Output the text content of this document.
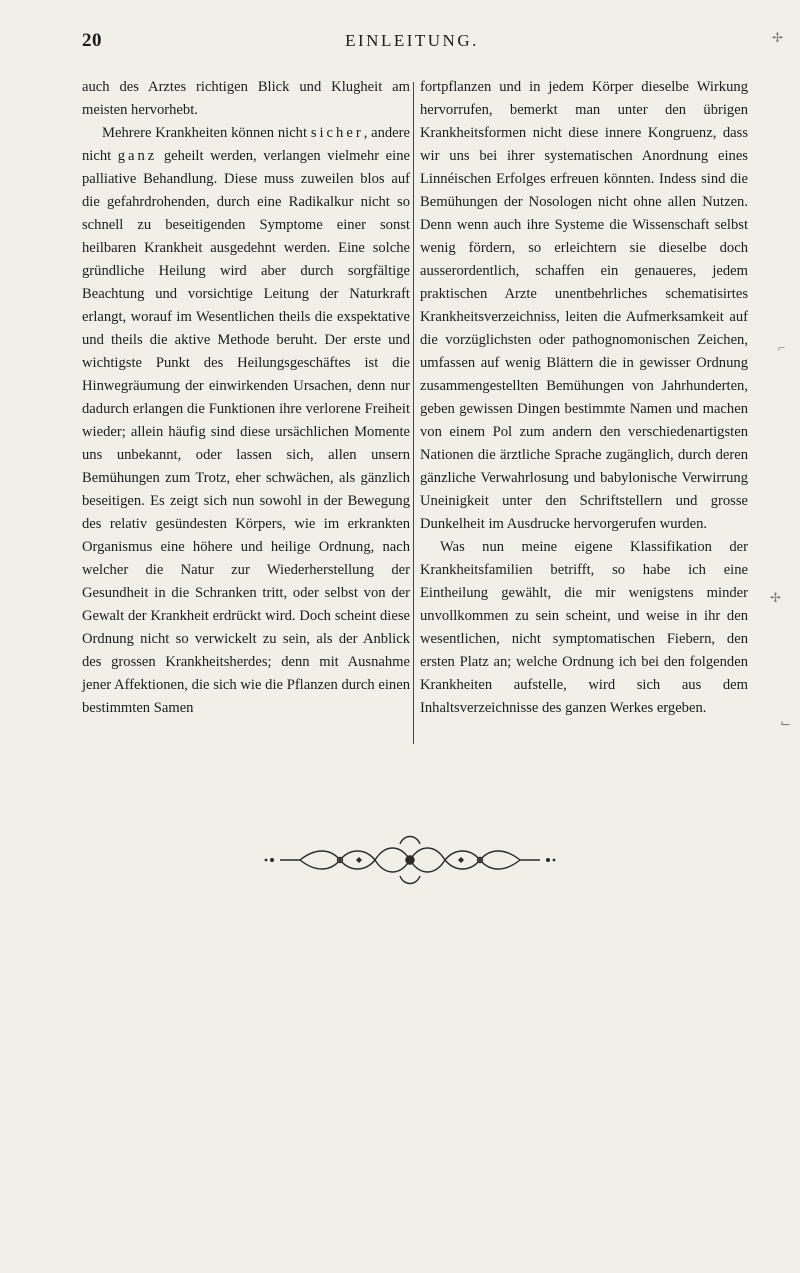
20	EINLEITUNG.

auch des Arztes richtigen Blick und Klugheit am meisten hervorhebt.

Mehrere Krankheiten können nicht sicher, andere nicht ganz geheilt werden, verlangen vielmehr eine palliative Behandlung. Diese muss zuweilen blos auf die gefahrdrohenden, durch eine Radikalkur nicht so schnell zu beseitigenden Symptome einer sonst heilbaren Krankheit ausgedehnt werden. Eine solche gründliche Heilung wird aber durch sorgfältige Beachtung und vorsichtige Leitung der Naturkraft erlangt, worauf im Wesentlichen theils die exspektative und theils die aktive Methode beruht. Der erste und wichtigste Punkt des Heilungsgeschäftes ist die Hinwegräumung der einwirkenden Ursachen, denn nur dadurch erlangen die Funktionen ihre verlorene Freiheit wieder; allein häufig sind diese ursächlichen Momente uns unbekannt, oder lassen sich, allen unsern Bemühungen zum Trotz, eher schwächen, als gänzlich beseitigen. Es zeigt sich nun sowohl in der Bewegung des relativ gesündesten Körpers, wie im erkrankten Organismus eine höhere und heilige Ordnung, nach welcher die Natur zur Wiederherstellung der Gesundheit in die Schranken tritt, oder selbst von der Gewalt der Krankheit erdrückt wird. Doch scheint diese Ordnung nicht so verwickelt zu sein, als der Anblick des grossen Krankheitsherdes; denn mit Ausnahme jener Affektionen, die sich wie die Pflanzen durch einen bestimmten Samen

fortpflanzen und in jedem Körper dieselbe Wirkung hervorrufen, bemerkt man unter den übrigen Krankheitsformen nicht diese innere Kongruenz, dass wir uns bei ihrer systematischen Anordnung eines Linnéischen Erfolges erfreuen könnten. Indess sind die Bemühungen der Nosologen nicht ohne allen Nutzen. Denn wenn auch ihre Systeme die Wissenschaft selbst wenig fördern, so erleichtern sie dieselbe doch ausserordentlich, schaffen ein genaueres, jedem praktischen Arzte unentbehrliches schematisirtes Krankheitsverzeichniss, leiten die Aufmerksamkeit auf die vorzüglichsten oder pathognomonischen Zeichen, umfassen auf wenig Blättern die in gewisser Ordnung zusammengestellten Bemühungen von Jahrhunderten, geben gewissen Dingen bestimmte Namen und machen von einem Pol zum andern den verschiedenartigsten Nationen die ärztliche Sprache zugänglich, durch deren gänzliche Verwahrlosung und babylonische Verwirrung Uneinigkeit unter den Schriftstellern und grosse Dunkelheit im Ausdrucke hervorgerufen wurden.

Was nun meine eigene Klassifikation der Krankheitsfamilien betrifft, so habe ich eine Eintheilung gewählt, die mir wenigstens minder unvollkommen zu sein scheint, und weise in ihr den wesentlichen, nicht symptomatischen Fiebern, den ersten Platz an; welche Ordnung ich bei den folgenden Krankheiten aufstelle, wird sich aus dem Inhaltsverzeichnisse des ganzen Werkes ergeben.

✢
⌐
✢
⌙
